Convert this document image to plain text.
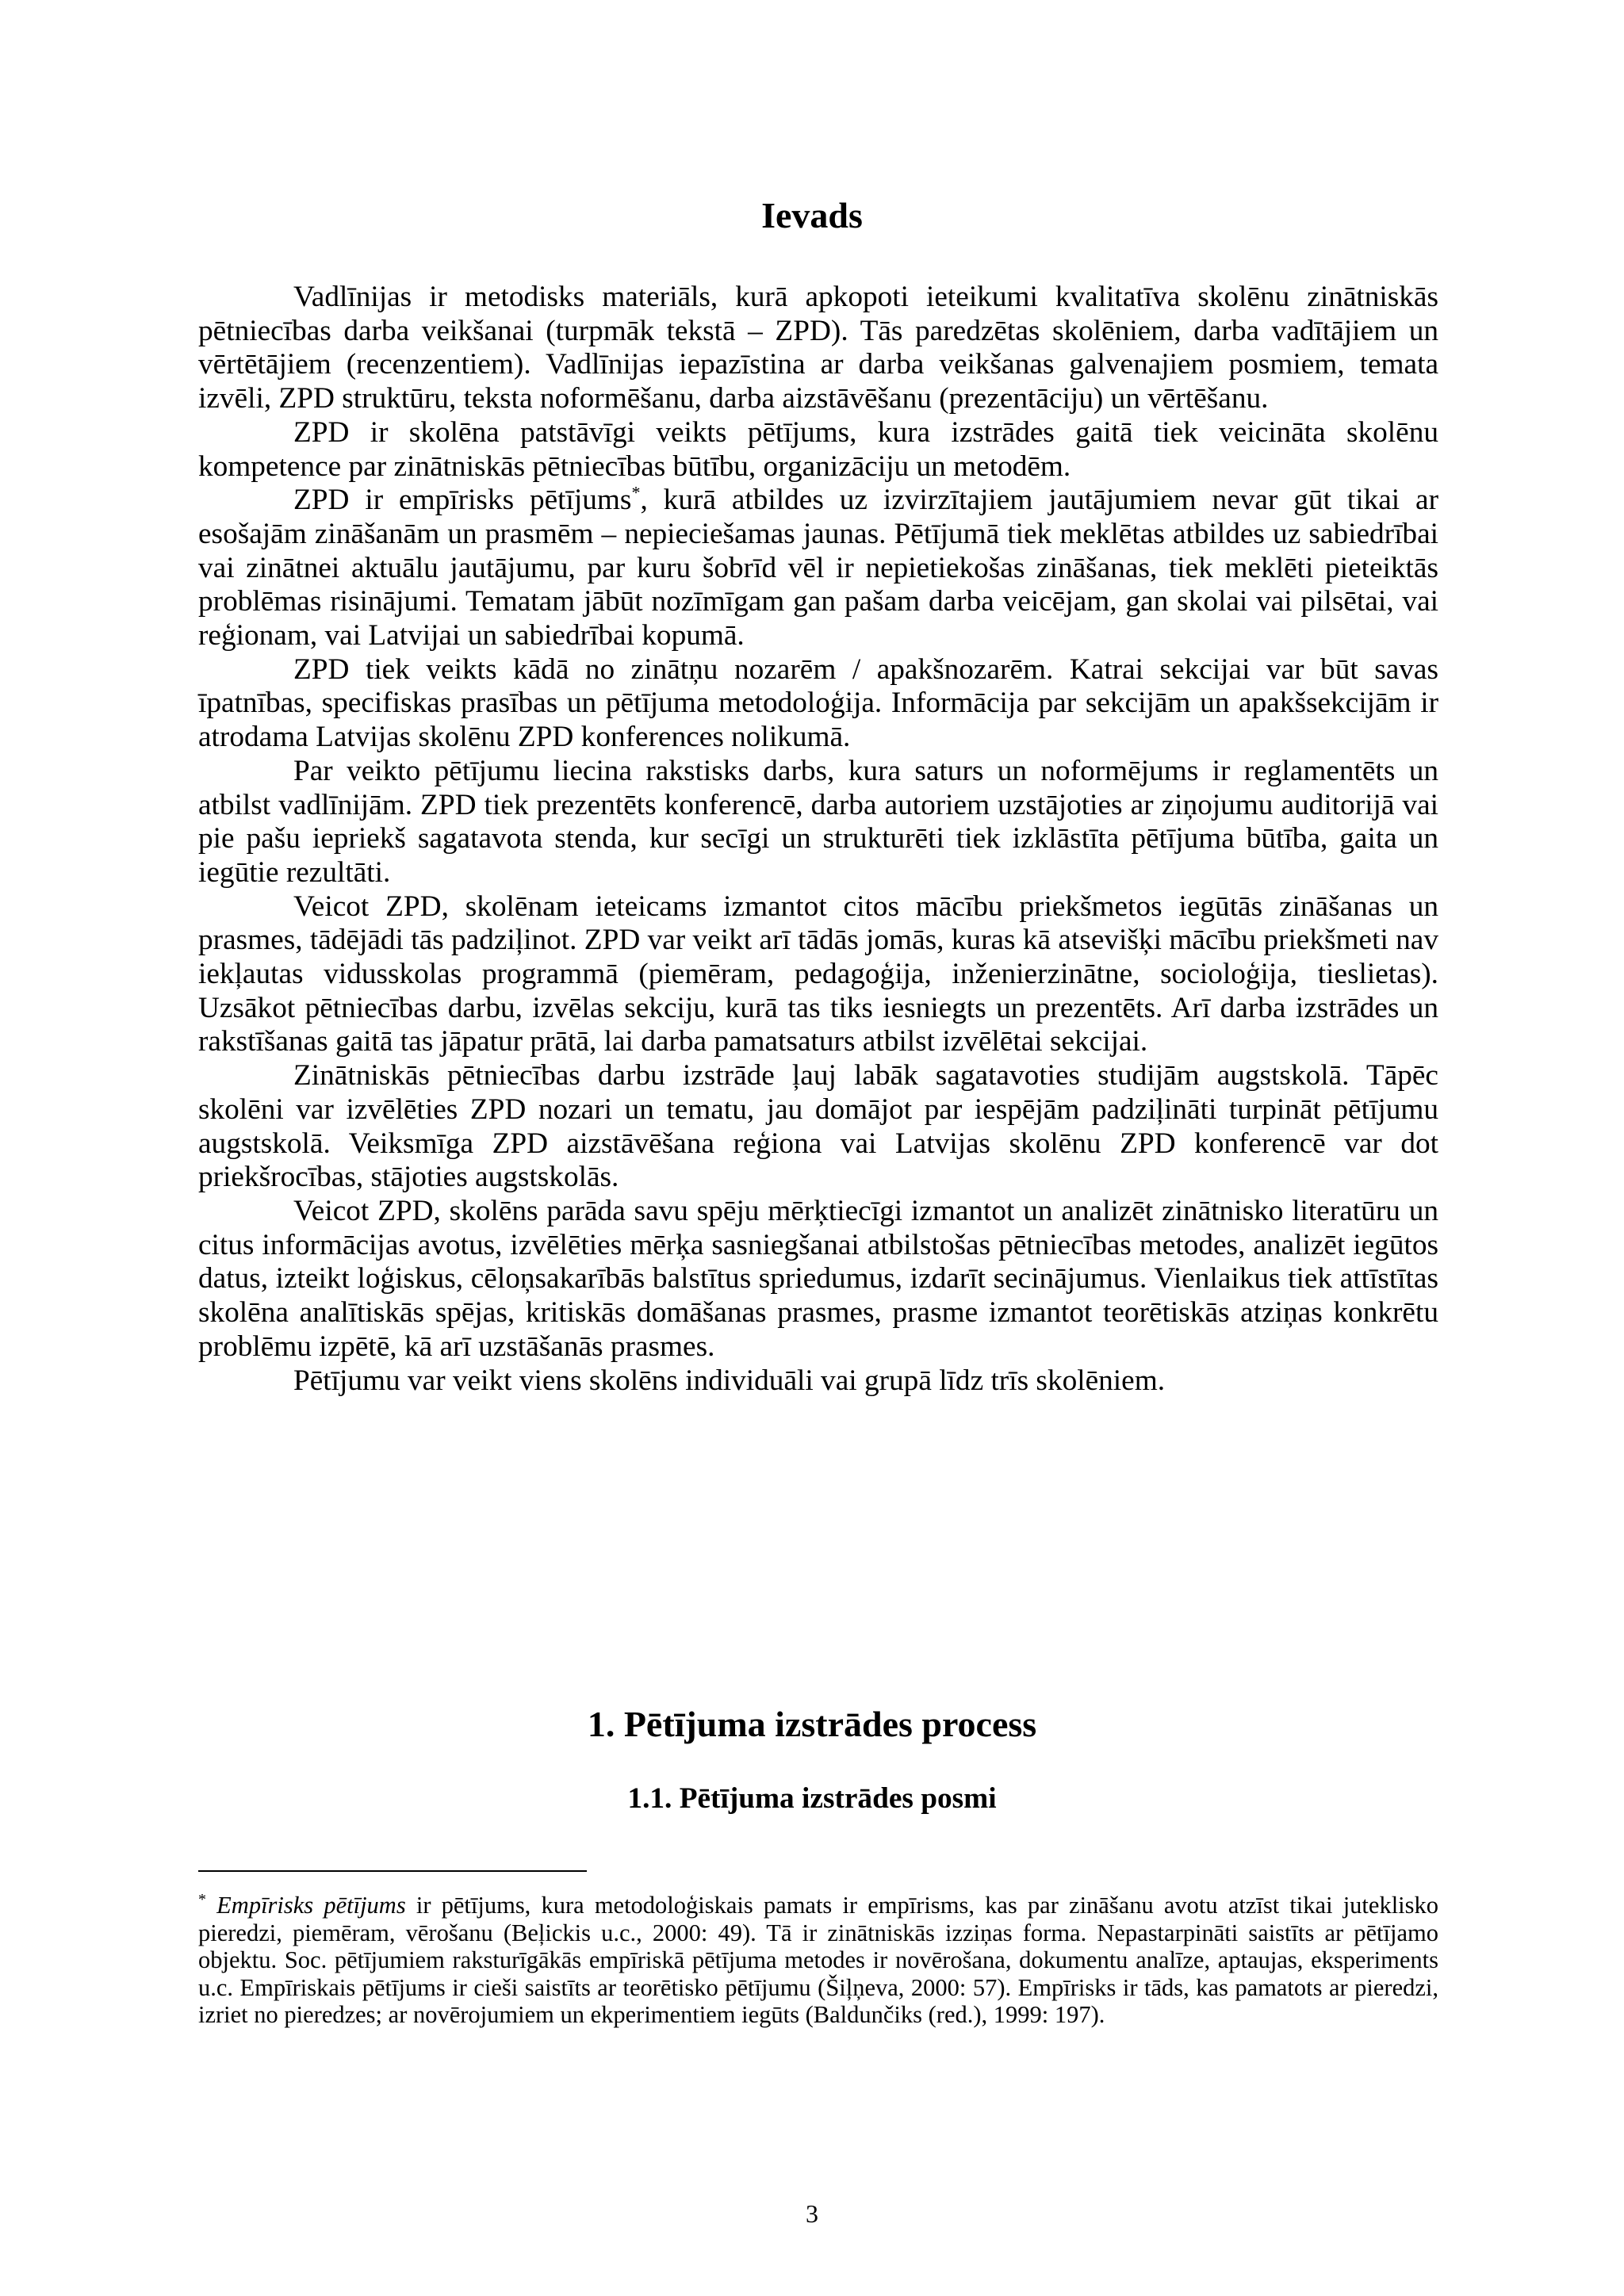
Ievads

Vadlīnijas ir metodisks materiāls, kurā apkopoti ieteikumi kvalitatīva skolēnu zinātniskās pētniecības darba veikšanai (turpmāk tekstā – ZPD). Tās paredzētas skolēniem, darba vadītājiem un vērtētājiem (recenzentiem). Vadlīnijas iepazīstina ar darba veikšanas galvenajiem posmiem, temata izvēli, ZPD struktūru, teksta noformēšanu, darba aizstāvēšanu (prezentāciju) un vērtēšanu.

ZPD ir skolēna patstāvīgi veikts pētījums, kura izstrādes gaitā tiek veicināta skolēnu kompetence par zinātniskās pētniecības būtību, organizāciju un metodēm.

ZPD ir empīrisks pētījums*, kurā atbildes uz izvirzītajiem jautājumiem nevar gūt tikai ar esošajām zināšanām un prasmēm – nepieciešamas jaunas. Pētījumā tiek meklētas atbildes uz sabiedrībai vai zinātnei aktuālu jautājumu, par kuru šobrīd vēl ir nepietiekošas zināšanas, tiek meklēti pieteiktās problēmas risinājumi. Tematam jābūt nozīmīgam gan pašam darba veicējam, gan skolai vai pilsētai, vai reģionam, vai Latvijai un sabiedrībai kopumā.

ZPD tiek veikts kādā no zinātņu nozarēm / apakšnozarēm. Katrai sekcijai var būt savas īpatnības, specifiskas prasības un pētījuma metodoloģija. Informācija par sekcijām un apakšsekcijām ir atrodama Latvijas skolēnu ZPD konferences nolikumā.

Par veikto pētījumu liecina rakstisks darbs, kura saturs un noformējums ir reglamentēts un atbilst vadlīnijām. ZPD tiek prezentēts konferencē, darba autoriem uzstājoties ar ziņojumu auditorijā vai pie pašu iepriekš sagatavota stenda, kur secīgi un strukturēti tiek izklāstīta pētījuma būtība, gaita un iegūtie rezultāti.

Veicot ZPD, skolēnam ieteicams izmantot citos mācību priekšmetos iegūtās zināšanas un prasmes, tādējādi tās padziļinot. ZPD var veikt arī tādās jomās, kuras kā atsevišķi mācību priekšmeti nav iekļautas vidusskolas programmā (piemēram, pedagoģija, inženierzinātne, socioloģija, tieslietas). Uzsākot pētniecības darbu, izvēlas sekciju, kurā tas tiks iesniegts un prezentēts. Arī darba izstrādes un rakstīšanas gaitā tas jāpatur prātā, lai darba pamatsaturs atbilst izvēlētai sekcijai.

Zinātniskās pētniecības darbu izstrāde ļauj labāk sagatavoties studijām augstskolā. Tāpēc skolēni var izvēlēties ZPD nozari un tematu, jau domājot par iespējām padziļināti turpināt pētījumu augstskolā. Veiksmīga ZPD aizstāvēšana reģiona vai Latvijas skolēnu ZPD konferencē var dot priekšrocības, stājoties augstskolās.

Veicot ZPD, skolēns parāda savu spēju mērķtiecīgi izmantot un analizēt zinātnisko literatūru un citus informācijas avotus, izvēlēties mērķa sasniegšanai atbilstošas pētniecības metodes, analizēt iegūtos datus, izteikt loģiskus, cēloņsakarībās balstītus spriedumus, izdarīt secinājumus. Vienlaikus tiek attīstītas skolēna analītiskās spējas, kritiskās domāšanas prasmes, prasme izmantot teorētiskās atziņas konkrētu problēmu izpētē, kā arī uzstāšanās prasmes.

Pētījumu var veikt viens skolēns individuāli vai grupā līdz trīs skolēniem.

1. Pētījuma izstrādes process
1.1. Pētījuma izstrādes posmi

* Empīrisks pētījums ir pētījums, kura metodoloģiskais pamats ir empīrisms, kas par zināšanu avotu atzīst tikai juteklisko pieredzi, piemēram, vērošanu (Beļickis u.c., 2000: 49). Tā ir zinātniskās izziņas forma. Nepastarpināti saistīts ar pētījamo objektu. Soc. pētījumiem raksturīgākās empīriskā pētījuma metodes ir novērošana, dokumentu analīze, aptaujas, eksperiments u.c. Empīriskais pētījums ir cieši saistīts ar teorētisko pētījumu (Šiļņeva, 2000: 57). Empīrisks ir tāds, kas pamatots ar pieredzi, izriet no pieredzes; ar novērojumiem un ekperimentiem iegūts (Baldunčiks (red.), 1999: 197).

3
